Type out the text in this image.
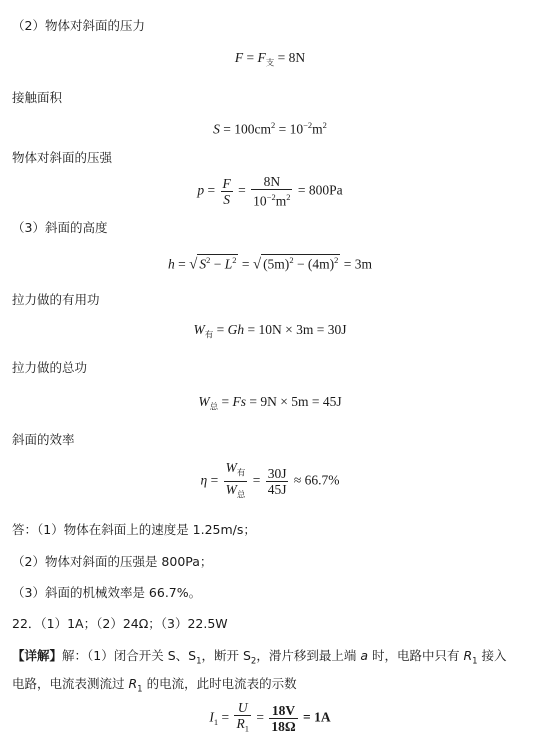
（2）物体对斜面的压力
$F = F_支 = 8N$
接触面积
$S = 100cm^2 = 10^{-2}m^2$
物体对斜面的压强
$p = \frac{F}{S} = \frac{8N}{10^{-2}m^2} = 800Pa$
（3）斜面的高度
h = √ $S^2 - L^2$ = √ $(5m)^2 - (4m)^2 = 3m$
拉力做的有用功
$W_有 = Gh = 10N \times 3m = 30J$
拉力做的总功
$W_总 = Fs = 9N \times 5m = 45J$
斜面的效率
$\eta = \frac{W_有}{W_总} = \frac{30J}{45J} \approx 66.7\%$
答：（1）物体在斜面上的速度是 1.25m/s；
（2）物体对斜面的压强是 800Pa；
（3）斜面的机械效率是 66.7%。
22．（1）1A；（2）24Ω；（3）22.5W
【详解】解：（1）闭合开关 S、$S_1$，断开 $S_2$，滑片移到最上端 a 时，电路中只有 $R_1$ 接入
电路，电流表测流过 $R_1$ 的电流，此时电流表的示数
$I_1 = \frac{U}{R_1} = \frac{18V}{18\Omega} = 1A$
